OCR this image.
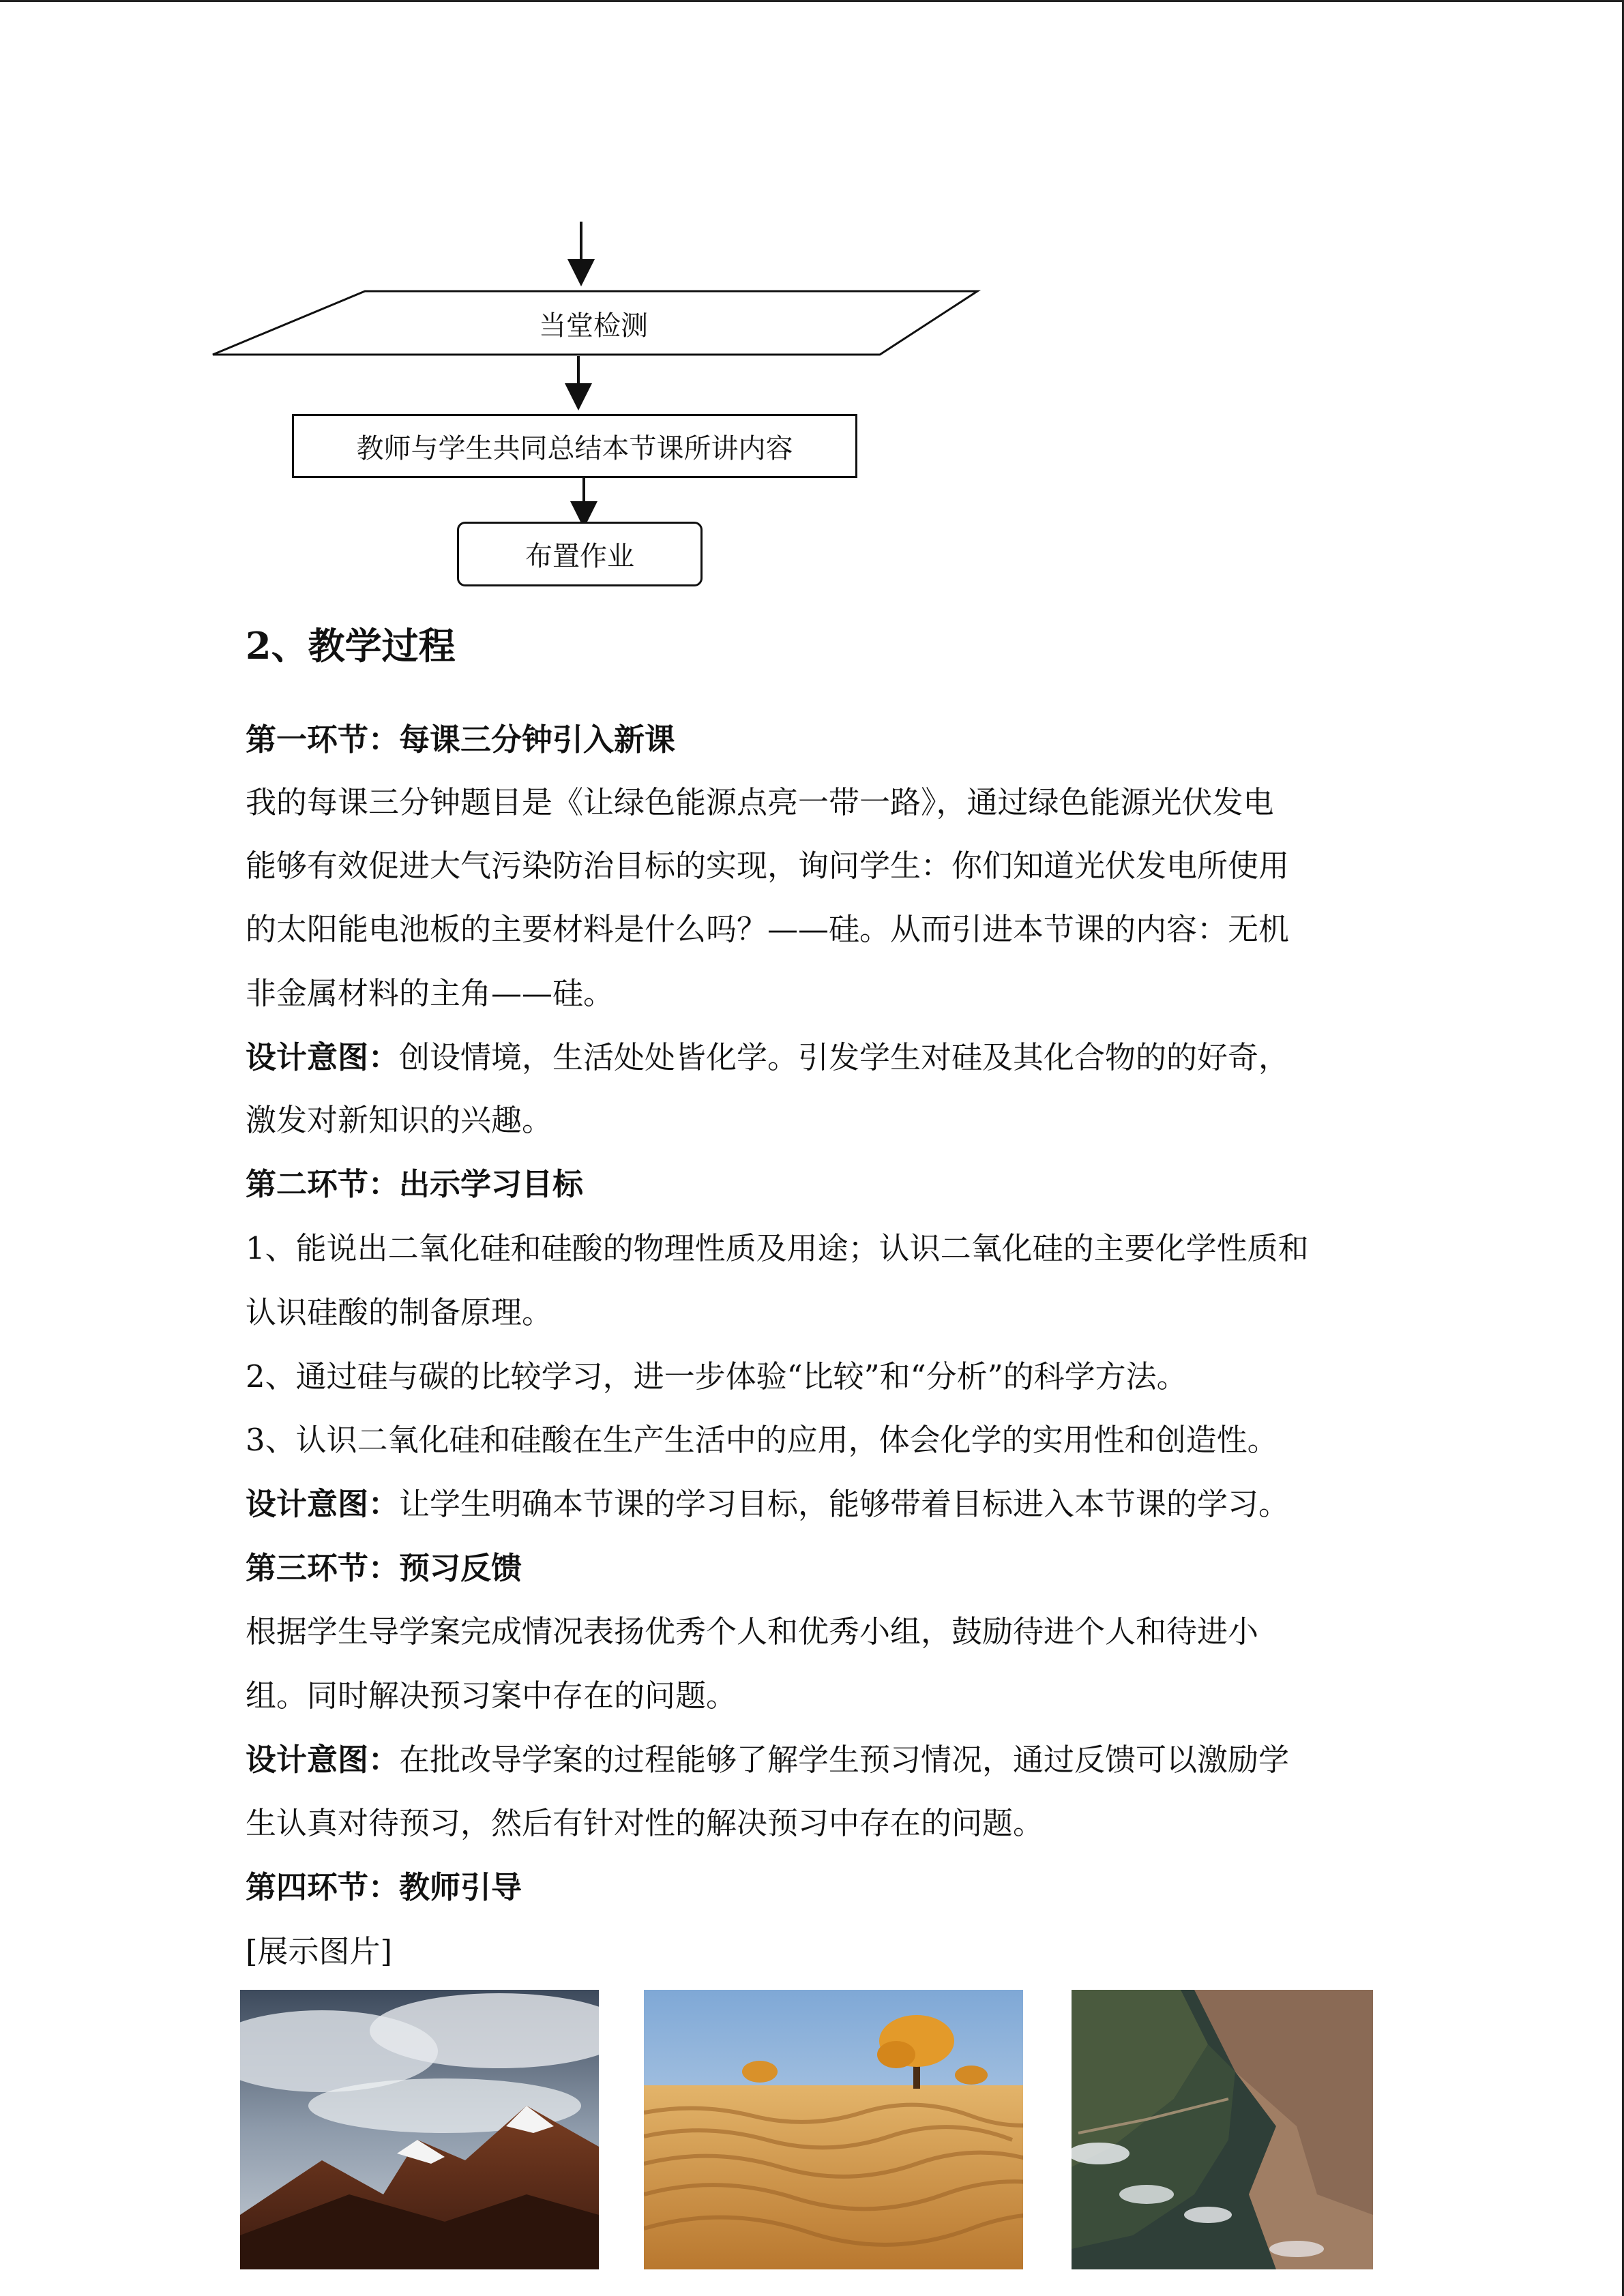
当堂检测
教师与学生共同总结本节课所讲内容
布置作业
2、教学过程
第一环节：每课三分钟引入新课
我的每课三分钟题目是《让绿色能源点亮一带一路》，通过绿色能源光伏发电
能够有效促进大气污染防治目标的实现，询问学生：你们知道光伏发电所使用
的太阳能电池板的主要材料是什么吗？——硅。从而引进本节课的内容：无机
非金属材料的主角——硅。
设计意图：创设情境，生活处处皆化学。引发学生对硅及其化合物的的好奇，
激发对新知识的兴趣。
第二环节：出示学习目标
1、能说出二氧化硅和硅酸的物理性质及用途；认识二氧化硅的主要化学性质和
认识硅酸的制备原理。
2、通过硅与碳的比较学习，进一步体验“比较”和“分析”的科学方法。
3、认识二氧化硅和硅酸在生产生活中的应用，体会化学的实用性和创造性。
设计意图：让学生明确本节课的学习目标，能够带着目标进入本节课的学习。
第三环节：预习反馈
根据学生导学案完成情况表扬优秀个人和优秀小组，鼓励待进个人和待进小
组。同时解决预习案中存在的问题。
设计意图：在批改导学案的过程能够了解学生预习情况，通过反馈可以激励学
生认真对待预习，然后有针对性的解决预习中存在的问题。
第四环节：教师引导
[展示图片]
